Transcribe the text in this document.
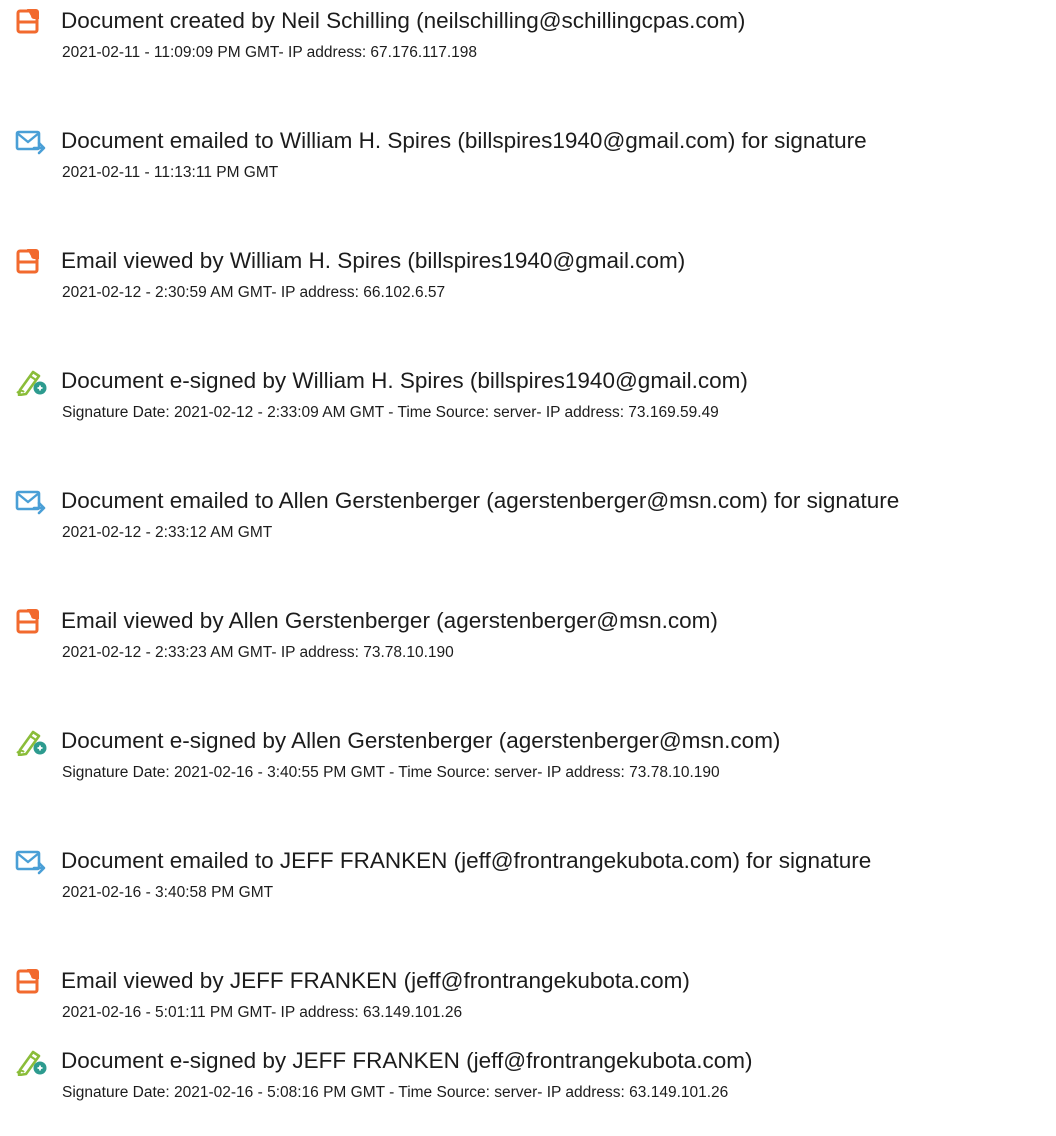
Document created by Neil Schilling (neilschilling@schillingcpas.com)
2021-02-11 - 11:09:09 PM GMT- IP address: 67.176.117.198
Document emailed to William H. Spires (billspires1940@gmail.com) for signature
2021-02-11 - 11:13:11 PM GMT
Email viewed by William H. Spires (billspires1940@gmail.com)
2021-02-12 - 2:30:59 AM GMT- IP address: 66.102.6.57
Document e-signed by William H. Spires (billspires1940@gmail.com)
Signature Date: 2021-02-12 - 2:33:09 AM GMT - Time Source: server- IP address: 73.169.59.49
Document emailed to Allen Gerstenberger (agerstenberger@msn.com) for signature
2021-02-12 - 2:33:12 AM GMT
Email viewed by Allen Gerstenberger (agerstenberger@msn.com)
2021-02-12 - 2:33:23 AM GMT- IP address: 73.78.10.190
Document e-signed by Allen Gerstenberger (agerstenberger@msn.com)
Signature Date: 2021-02-16 - 3:40:55 PM GMT - Time Source: server- IP address: 73.78.10.190
Document emailed to JEFF FRANKEN (jeff@frontrangekubota.com) for signature
2021-02-16 - 3:40:58 PM GMT
Email viewed by JEFF FRANKEN (jeff@frontrangekubota.com)
2021-02-16 - 5:01:11 PM GMT- IP address: 63.149.101.26
Document e-signed by JEFF FRANKEN (jeff@frontrangekubota.com)
Signature Date: 2021-02-16 - 5:08:16 PM GMT - Time Source: server- IP address: 63.149.101.26
